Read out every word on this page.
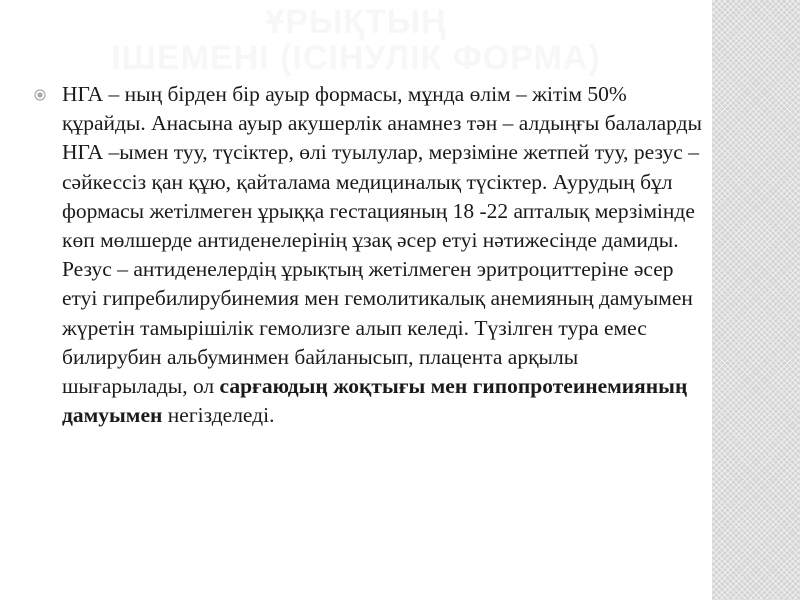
ҰРЫҚТЫҢ
ІШЕМЕНІ (ІСІНУЛІК ФОРМА)

НГА – ның бірден бір ауыр формасы, мұнда өлім – жітім 50% құрайды. Анасына ауыр акушерлік анамнез тән – алдыңғы балаларды НГА –ымен туу, түсіктер, өлі туылулар, мерзіміне жетпей туу, резус – сәйкессіз қан құю, қайталама медициналық түсіктер. Аурудың бұл формасы жетілмеген ұрыққа гестацияның 18 -22 апталық мерзімінде көп мөлшерде антиденелерінің ұзақ әсер етуі нәтижесінде дамиды. Резус – антиденелердің ұрықтың жетілмеген эритроциттеріне әсер етуі гипребилирубинемия мен гемолитикалық анемияның дамуымен жүретін тамырішілік гемолизге алып келеді. Түзілген тура емес билирубин альбуминмен байланысып, плацента арқылы шығарылады, ол сарғаюдың жоқтығы мен гипопротеинемияның дамуымен негізделеді.
